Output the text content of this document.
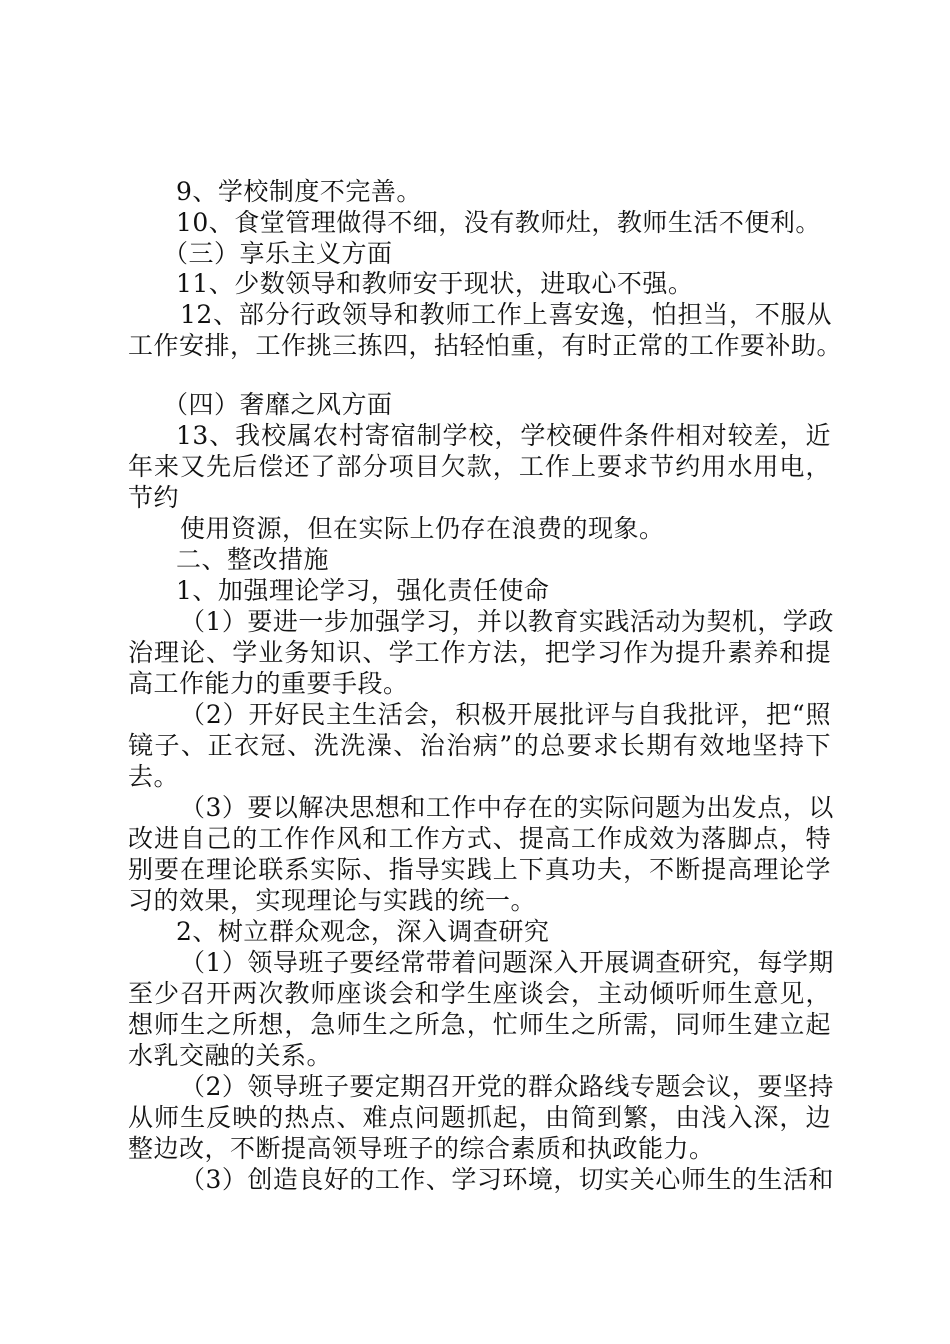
9、学校制度不完善。

10、食堂管理做得不细，没有教师灶，教师生活不便利。

（三）享乐主义方面

11、少数领导和教师安于现状，进取心不强。

12、部分行政领导和教师工作上喜安逸，怕担当，不服从

工作安排，工作挑三拣四，拈轻怕重，有时正常的工作要补助。

（四）奢靡之风方面

13、我校属农村寄宿制学校，学校硬件条件相对较差，近

年来又先后偿还了部分项目欠款，工作上要求节约用水用电，

节约

使用资源，但在实际上仍存在浪费的现象。

二、整改措施

1、加强理论学习，强化责任使命

（1）要进一步加强学习，并以教育实践活动为契机，学政

治理论、学业务知识、学工作方法，把学习作为提升素养和提

高工作能力的重要手段。

（2）开好民主生活会，积极开展批评与自我批评，把“照

镜子、正衣冠、洗洗澡、治治病”的总要求长期有效地坚持下

去。

（3）要以解决思想和工作中存在的实际问题为出发点，以

改进自己的工作作风和工作方式、提高工作成效为落脚点，特

别要在理论联系实际、指导实践上下真功夫，不断提高理论学

习的效果，实现理论与实践的统一。

2、树立群众观念，深入调查研究

（1）领导班子要经常带着问题深入开展调查研究，每学期

至少召开两次教师座谈会和学生座谈会，主动倾听师生意见，

想师生之所想，急师生之所急，忙师生之所需，同师生建立起

水乳交融的关系。

（2）领导班子要定期召开党的群众路线专题会议，要坚持

从师生反映的热点、难点问题抓起，由简到繁，由浅入深，边

整边改，不断提高领导班子的综合素质和执政能力。

（3）创造良好的工作、学习环境，切实关心师生的生活和
